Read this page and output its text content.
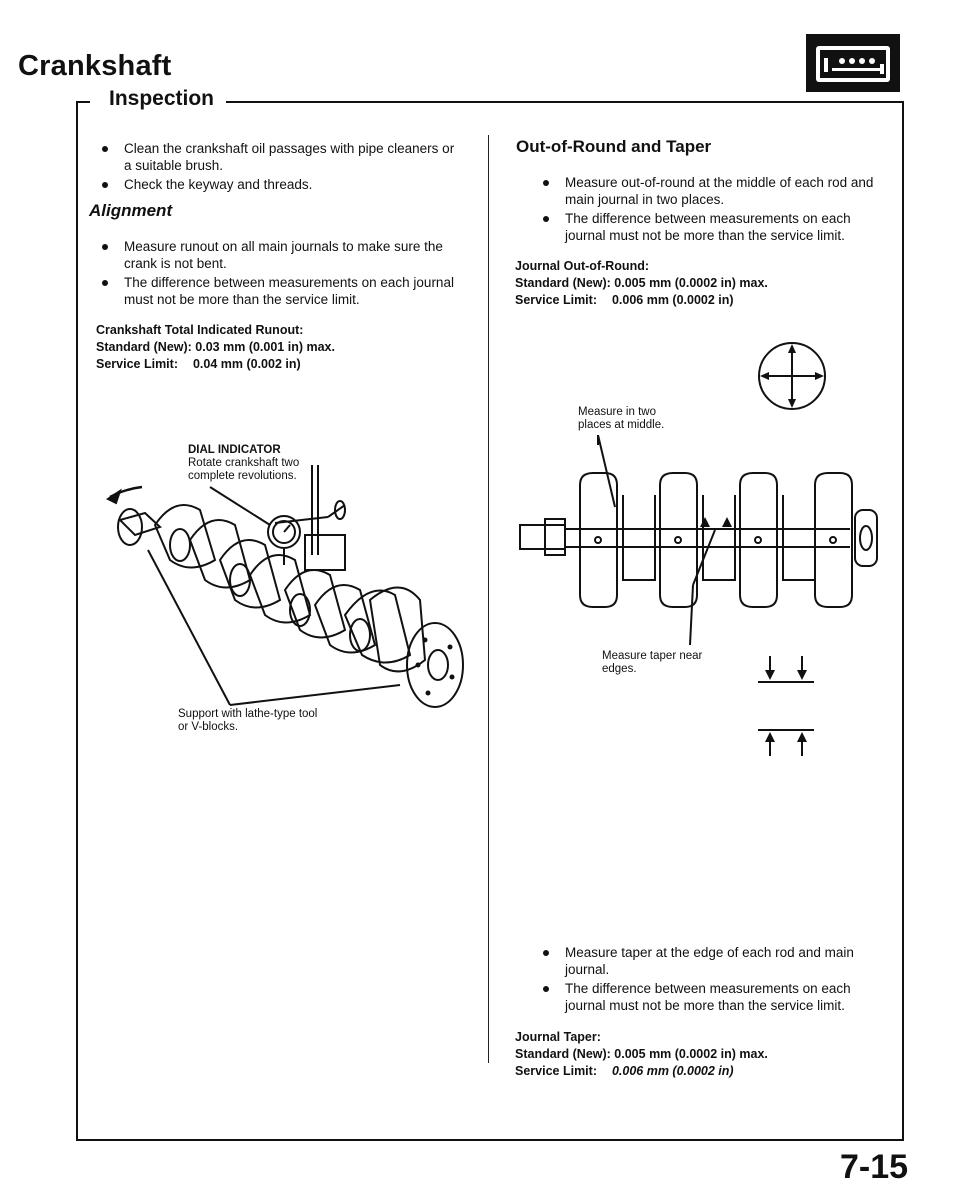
Crankshaft
Inspection
Clean the crankshaft oil passages with pipe cleaners or a suitable brush.
Check the keyway and threads.
Alignment
Measure runout on all main journals to make sure the crank is not bent.
The difference between measurements on each journal must not be more than the service limit.
Crankshaft Total Indicated Runout:
Standard (New): 0.03 mm (0.001 in) max.
Service Limit: 0.04 mm (0.002 in)
DIAL INDICATOR
Rotate crankshaft two complete revolutions.
Support with lathe-type tool or V-blocks.
Out-of-Round and Taper
Measure out-of-round at the middle of each rod and main journal in two places.
The difference between measurements on each journal must not be more than the service limit.
Journal Out-of-Round:
Standard (New): 0.005 mm (0.0002 in) max.
Service Limit: 0.006 mm (0.0002 in)
Measure in two places at middle.
Measure taper near edges.
Measure taper at the edge of each rod and main journal.
The difference between measurements on each journal must not be more than the service limit.
Journal Taper:
Standard (New): 0.005 mm (0.0002 in) max.
Service Limit: 0.006 mm (0.0002 in)
7-15
